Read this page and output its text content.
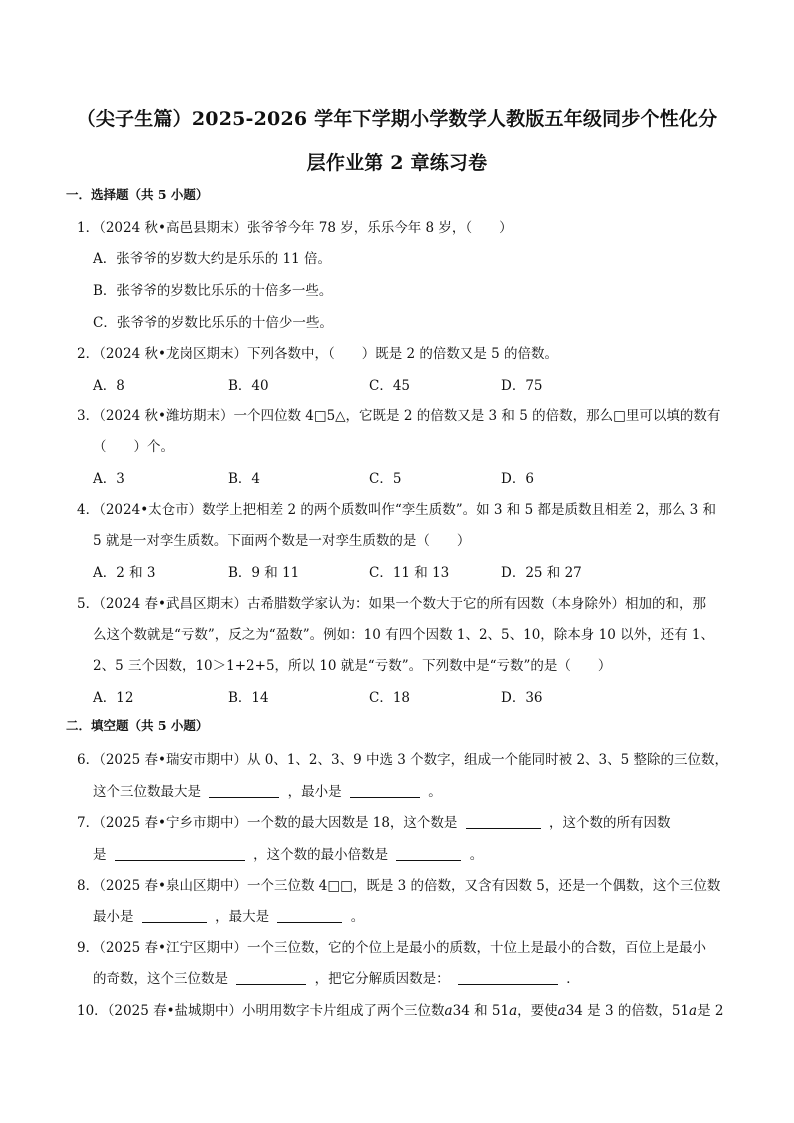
（尖子生篇）2025-2026 学年下学期小学数学人教版五年级同步个性化分
层作业第 2 章练习卷
一．选择题（共 5 小题）
1．（2024 秋•高邑县期末）张爷爷今年 78 岁，乐乐今年 8 岁，（　　）
A．张爷爷的岁数大约是乐乐的 11 倍。
B．张爷爷的岁数比乐乐的十倍多一些。
C．张爷爷的岁数比乐乐的十倍少一些。
2．（2024 秋•龙岗区期末）下列各数中，（　　）既是 2 的倍数又是 5 的倍数。
A．8	B．40	C．45	D．75
3．（2024 秋•潍坊期末）一个四位数 4□5△，它既是 2 的倍数又是 3 和 5 的倍数，那么□里可以填的数有
（　　）个。
A．3	B．4	C．5	D．6
4．（2024•太仓市）数学上把相差 2 的两个质数叫作“孪生质数”。如 3 和 5 都是质数且相差 2，那么 3 和
5 就是一对孪生质数。下面两个数是一对孪生质数的是（　　）
A．2 和 3	B．9 和 11	C．11 和 13	D．25 和 27
5．（2024 春•武昌区期末）古希腊数学家认为：如果一个数大于它的所有因数（本身除外）相加的和，那
么这个数就是“亏数”，反之为“盈数”。例如：10 有四个因数 1、2、5、10，除本身 10 以外，还有 1、
2、5 三个因数，10＞1+2+5，所以 10 就是“亏数”。下列数中是“亏数”的是（　　）
A．12	B．14	C．18	D．36
二．填空题（共 5 小题）
6．（2025 春•瑞安市期中）从 0、1、2、3、9 中选 3 个数字，组成一个能同时被 2、3、5 整除的三位数，
这个三位数最大是	，最小是	。
7．（2025 春•宁乡市期中）一个数的最大因数是 18，这个数是	，这个数的所有因数
是	，这个数的最小倍数是	。
8．（2025 春•泉山区期中）一个三位数 4□□，既是 3 的倍数，又含有因数 5，还是一个偶数，这个三位数
最小是	，最大是	。
9．（2025 春•江宁区期中）一个三位数，它的个位上是最小的质数，十位上是最小的合数，百位上是最小
的奇数，这个三位数是	，把它分解质因数是：	．
10．（2025 春•盐城期中）小明用数字卡片组成了两个三位数a34 和 51a，要使a34 是 3 的倍数，51a是 2
